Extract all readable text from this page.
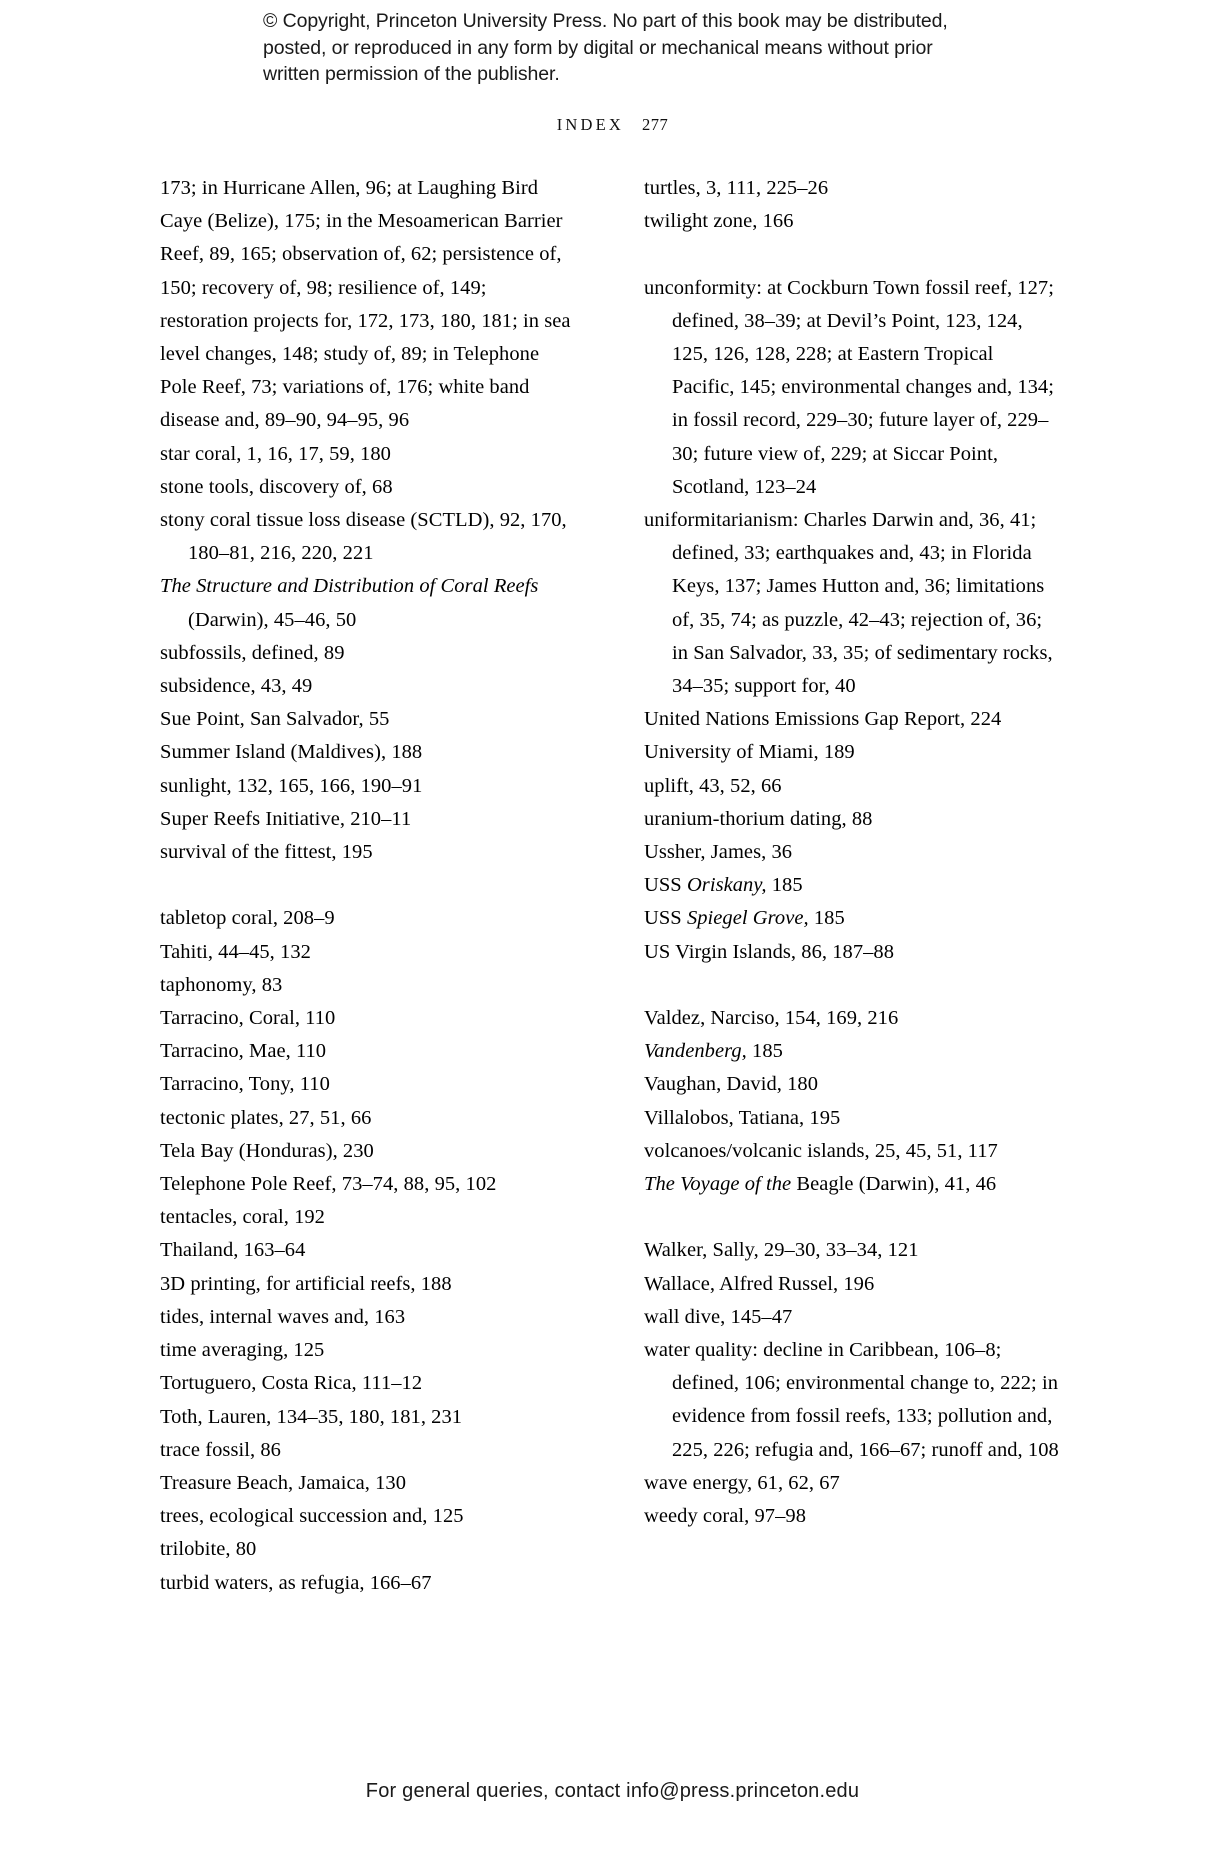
© Copyright, Princeton University Press. No part of this book may be distributed, posted, or reproduced in any form by digital or mechanical means without prior written permission of the publisher.
INDEX 277

173; in Hurricane Allen, 96; at Laughing Bird Caye (Belize), 175; in the Mesoamerican Barrier Reef, 89, 165; observation of, 62; persistence of, 150; recovery of, 98; resilience of, 149; restoration projects for, 172, 173, 180, 181; in sea level changes, 148; study of, 89; in Telephone Pole Reef, 73; variations of, 176; white band disease and, 89–90, 94–95, 96

star coral, 1, 16, 17, 59, 180

stone tools, discovery of, 68

stony coral tissue loss disease (SCTLD), 92, 170, 180–81, 216, 220, 221

The Structure and Distribution of Coral Reefs (Darwin), 45–46, 50

subfossils, defined, 89

subsidence, 43, 49

Sue Point, San Salvador, 55

Summer Island (Maldives), 188

sunlight, 132, 165, 166, 190–91

Super Reefs Initiative, 210–11

survival of the fittest, 195

tabletop coral, 208–9

Tahiti, 44–45, 132

taphonomy, 83

Tarracino, Coral, 110

Tarracino, Mae, 110

Tarracino, Tony, 110

tectonic plates, 27, 51, 66

Tela Bay (Honduras), 230

Telephone Pole Reef, 73–74, 88, 95, 102

tentacles, coral, 192

Thailand, 163–64

3D printing, for artificial reefs, 188

tides, internal waves and, 163

time averaging, 125

Tortuguero, Costa Rica, 111–12

Toth, Lauren, 134–35, 180, 181, 231

trace fossil, 86

Treasure Beach, Jamaica, 130

trees, ecological succession and, 125

trilobite, 80

turbid waters, as refugia, 166–67

turtles, 3, 111, 225–26

twilight zone, 166

unconformity: at Cockburn Town fossil reef, 127; defined, 38–39; at Devil’s Point, 123, 124, 125, 126, 128, 228; at Eastern Tropical Pacific, 145; environmental changes and, 134; in fossil record, 229–30; future layer of, 229–30; future view of, 229; at Siccar Point, Scotland, 123–24

uniformitarianism: Charles Darwin and, 36, 41; defined, 33; earthquakes and, 43; in Florida Keys, 137; James Hutton and, 36; limitations of, 35, 74; as puzzle, 42–43; rejection of, 36; in San Salvador, 33, 35; of sedimentary rocks, 34–35; support for, 40

United Nations Emissions Gap Report, 224

University of Miami, 189

uplift, 43, 52, 66

uranium-thorium dating, 88

Ussher, James, 36

USS Oriskany, 185

USS Spiegel Grove, 185

US Virgin Islands, 86, 187–88

Valdez, Narciso, 154, 169, 216

Vandenberg, 185

Vaughan, David, 180

Villalobos, Tatiana, 195

volcanoes/volcanic islands, 25, 45, 51, 117

The Voyage of the Beagle (Darwin), 41, 46

Walker, Sally, 29–30, 33–34, 121

Wallace, Alfred Russel, 196

wall dive, 145–47

water quality: decline in Caribbean, 106–8; defined, 106; environmental change to, 222; in evidence from fossil reefs, 133; pollution and, 225, 226; refugia and, 166–67; runoff and, 108

wave energy, 61, 62, 67

weedy coral, 97–98

For general queries, contact info@press.princeton.edu
